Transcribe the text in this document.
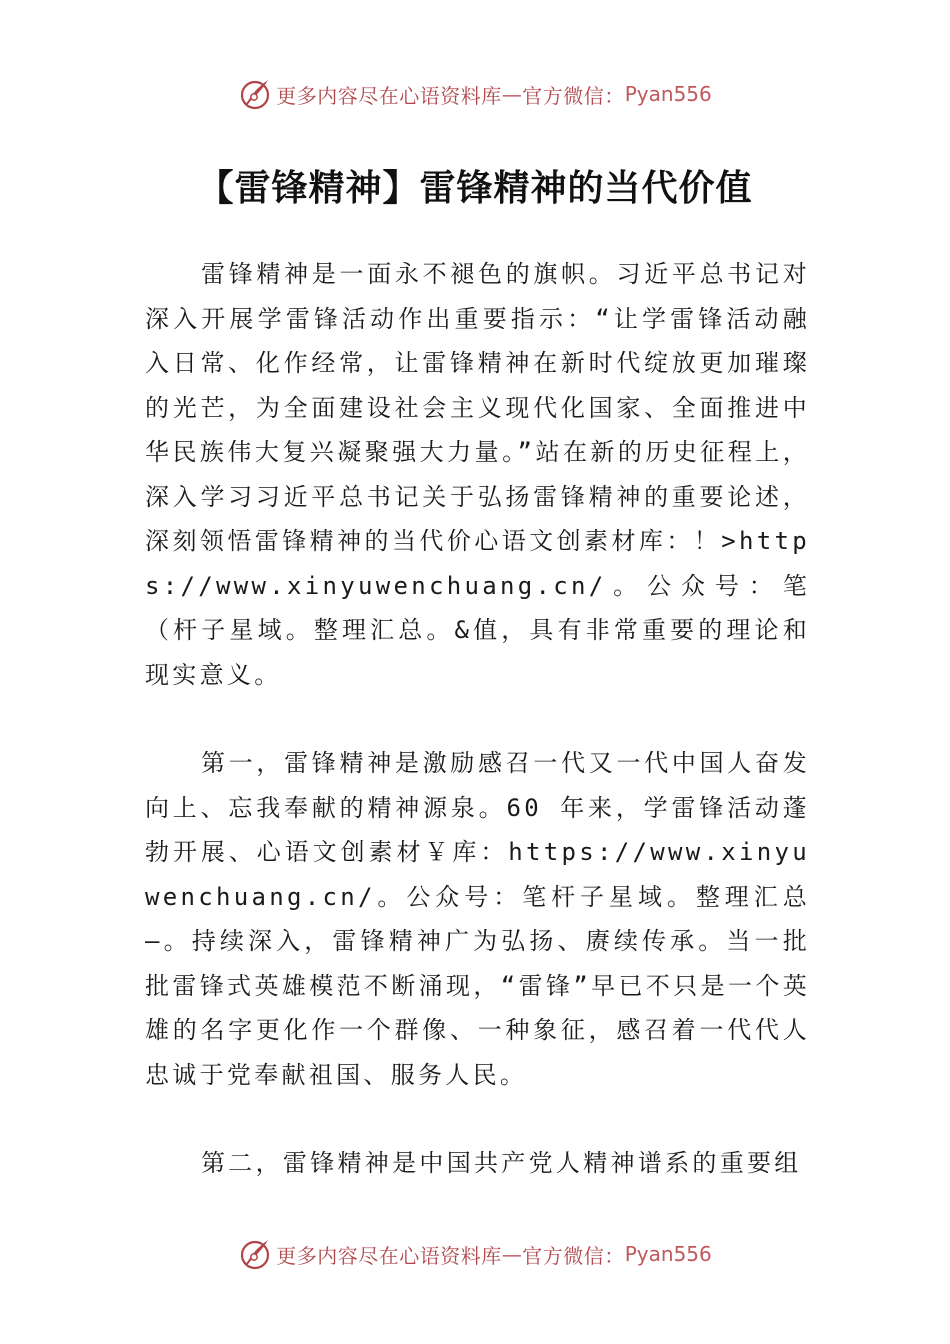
更多内容尽在心语资料库 — 官方微信： Pyan556
【雷锋精神】雷锋精神的当代价值

雷锋精神是一面永不褪色的旗帜。习近平总书记对深入开展学雷锋活动作出重要指示：“让学雷锋活动融入日常、化作经常，让雷锋精神在新时代绽放更加璀璨的光芒，为全面建设社会主义现代化国家、全面推进中华民族伟大复兴凝聚强大力量。”站在新的历史征程上，深入学习习近平总书记关于弘扬雷锋精神的重要论述，深刻领悟雷锋精神的当代价心语文创素材库：！>https://www.xinyuwenchuang.cn/。公众号：笔（杆子星域。整理汇总。&值，具有非常重要的理论和现实意义。

第一，雷锋精神是激励感召一代又一代中国人奋发向上、忘我奉献的精神源泉。60 年来，学雷锋活动蓬勃开展、心语文创素材￥库：https://www.xinyuwenchuang.cn/。公众号：笔杆子星域。整理汇总—。持续深入，雷锋精神广为弘扬、赓续传承。当一批批雷锋式英雄模范不断涌现，“雷锋”早已不只是一个英雄的名字更化作一个群像、一种象征，感召着一代代人忠诚于党奉献祖国、服务人民。

第二，雷锋精神是中国共产党人精神谱系的重要组

更多内容尽在心语资料库 — 官方微信： Pyan556
